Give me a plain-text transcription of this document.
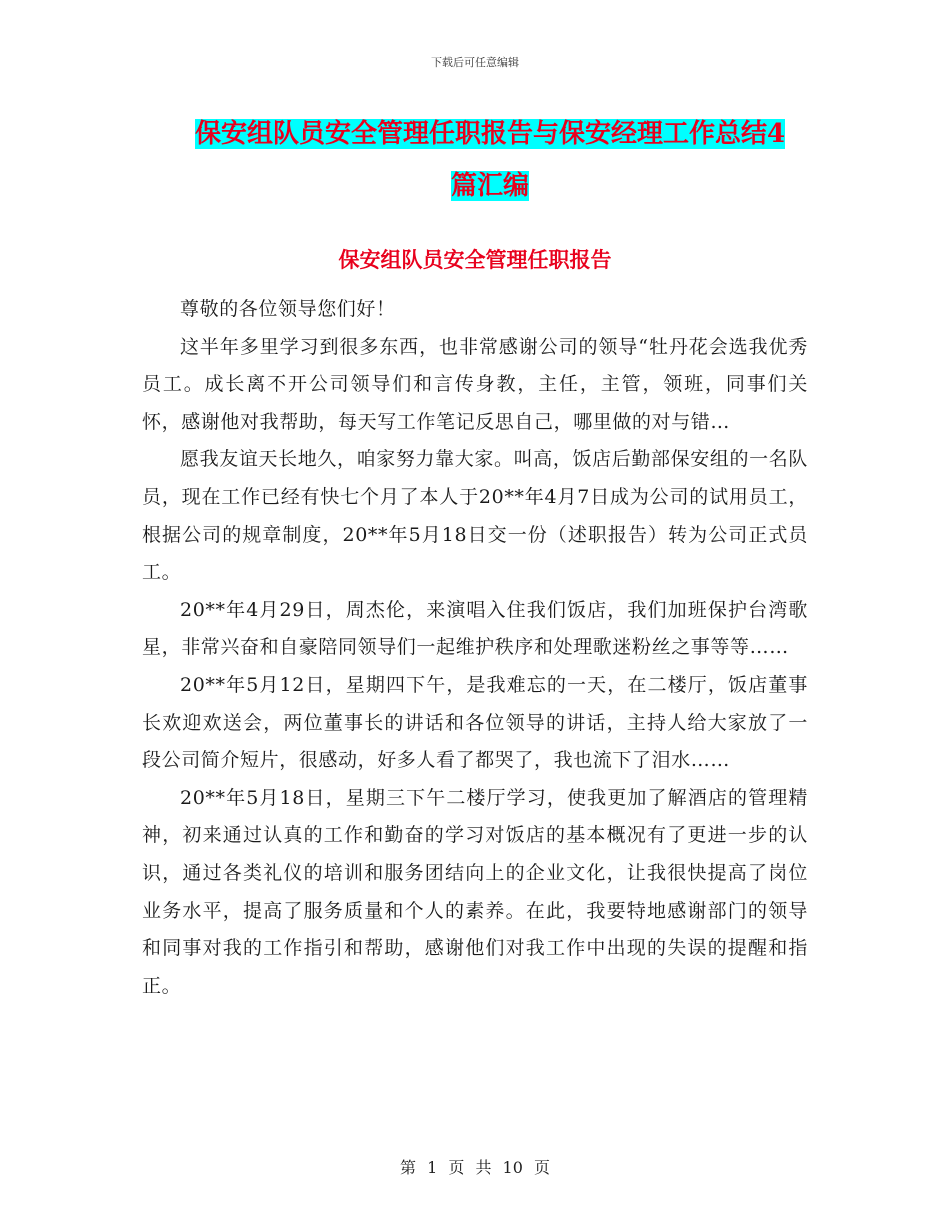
下载后可任意编辑
保安组队员安全管理任职报告与保安经理工作总结4
篇汇编
保安组队员安全管理任职报告

尊敬的各位领导您们好！

这半年多里学习到很多东西，也非常感谢公司的领导“牡丹花会选我优秀员工。成长离不开公司领导们和言传身教，主任，主管，领班，同事们关怀，感谢他对我帮助，每天写工作笔记反思自己，哪里做的对与错…

愿我友谊天长地久，咱家努力靠大家。叫高，饭店后勤部保安组的一名队员，现在工作已经有快七个月了本人于20**年4月7日成为公司的试用员工，根据公司的规章制度，20**年5月18日交一份（述职报告）转为公司正式员工。

20**年4月29日，周杰伦，来演唱入住我们饭店，我们加班保护台湾歌星，非常兴奋和自豪陪同领导们一起维护秩序和处理歌迷粉丝之事等等……

20**年5月12日，星期四下午，是我难忘的一天，在二楼厅，饭店董事长欢迎欢送会，两位董事长的讲话和各位领导的讲话，主持人给大家放了一段公司简介短片，很感动，好多人看了都哭了，我也流下了泪水……

20**年5月18日，星期三下午二楼厅学习，使我更加了解酒店的管理精神，初来通过认真的工作和勤奋的学习对饭店的基本概况有了更进一步的认识，通过各类礼仪的培训和服务团结向上的企业文化，让我很快提高了岗位业务水平，提高了服务质量和个人的素养。在此，我要特地感谢部门的领导和同事对我的工作指引和帮助，感谢他们对我工作中出现的失误的提醒和指正。

第 1 页 共 10 页
